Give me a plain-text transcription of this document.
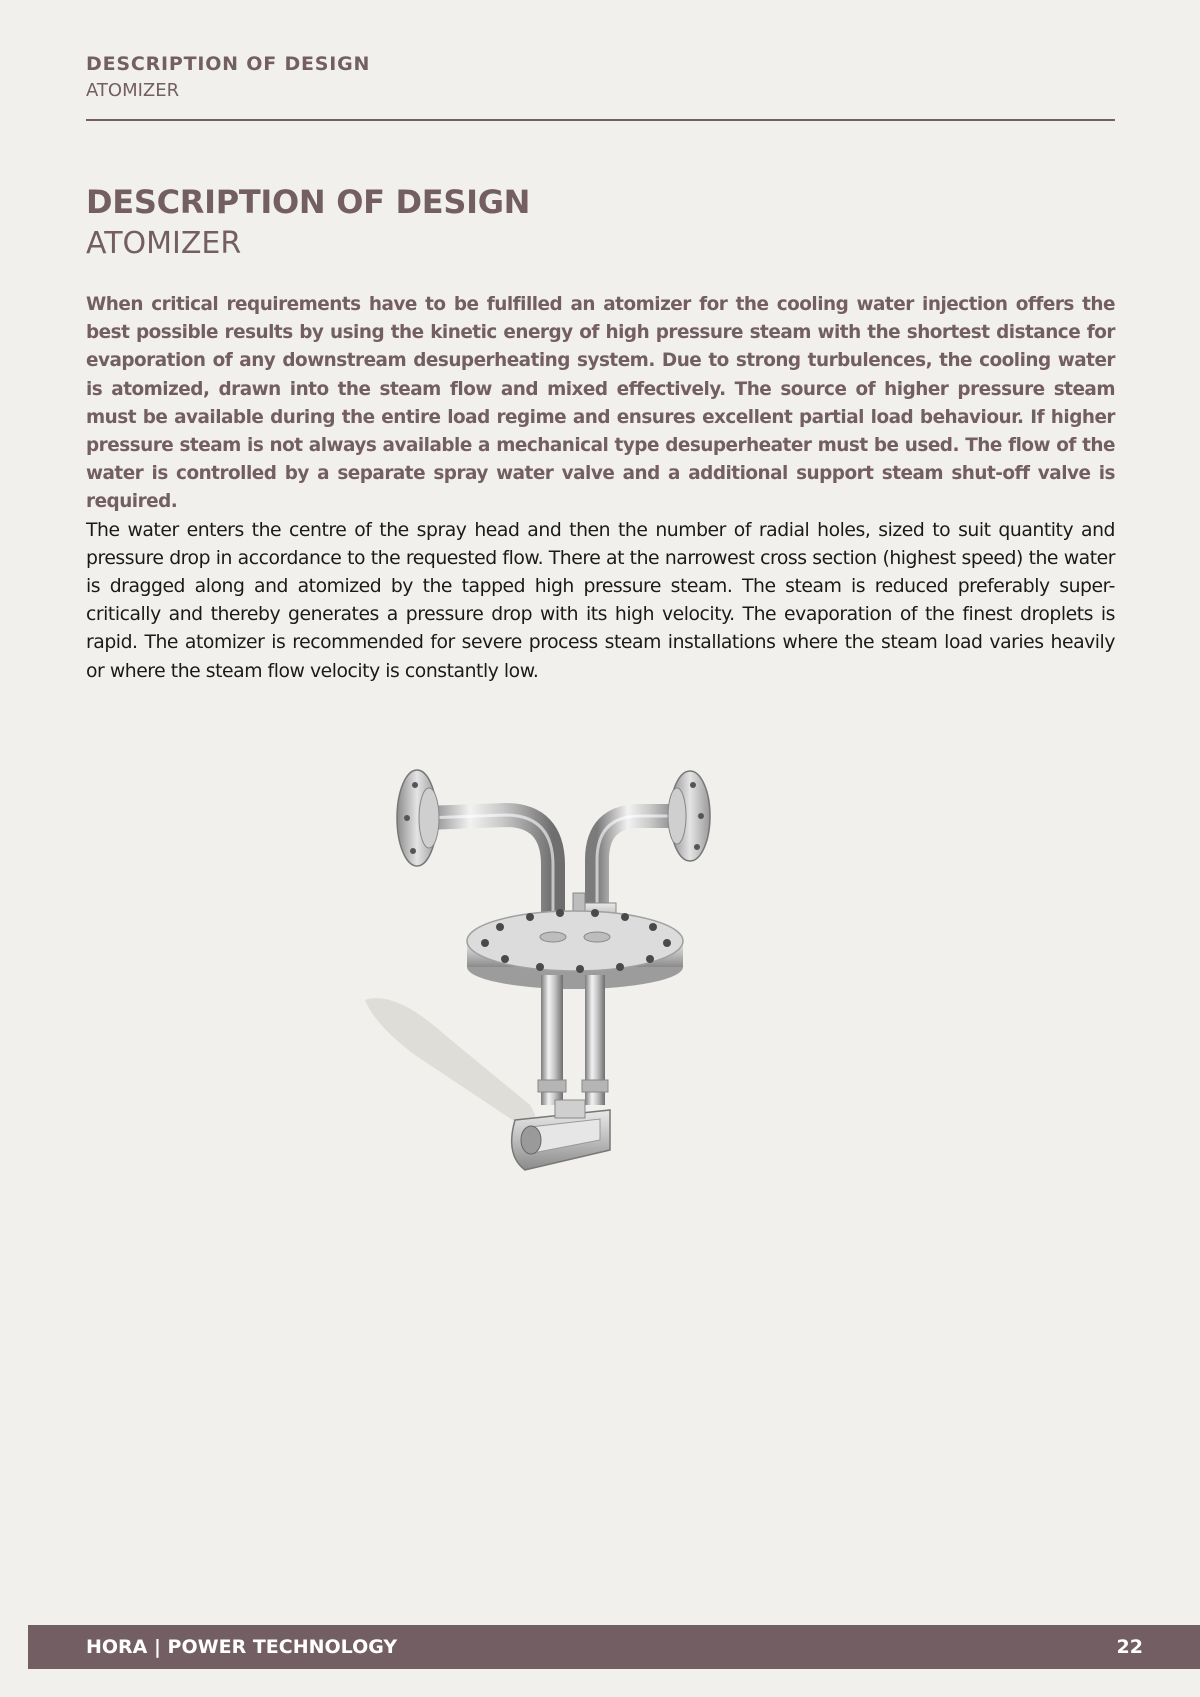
DESCRIPTION OF DESIGN
ATOMIZER
DESCRIPTION OF DESIGN
ATOMIZER

When critical requirements have to be fulfilled an atomizer for the cooling water injection offers the best possible results by using the kinetic energy of high pressure steam with the shortest distance for evaporation of any downstream desuperheating system. Due to strong turbulences, the cooling water is atomized, drawn into the steam flow and mixed effectively. The source of higher pressure steam must be available during the entire load regime and ensures excellent partial load behaviour. If higher pressure steam is not always available a mechanical type desuperheater must be used. The flow of the water is controlled by a separate spray water valve and a additional support steam shut-off valve is required.

The water enters the centre of the spray head and then the number of radial holes, sized to suit quantity and pressure drop in accordance to the requested flow. There at the narrowest cross section (highest speed) the water is dragged along and atomized by the tapped high pressure steam. The steam is reduced preferably super-critically and thereby generates a pressure drop with its high velocity. The evaporation of the finest droplets is rapid. The atomizer is recommended for severe process steam installations where the steam load varies heavily or where the steam flow velocity is constantly low.

HORA | POWER TECHNOLOGY	22
